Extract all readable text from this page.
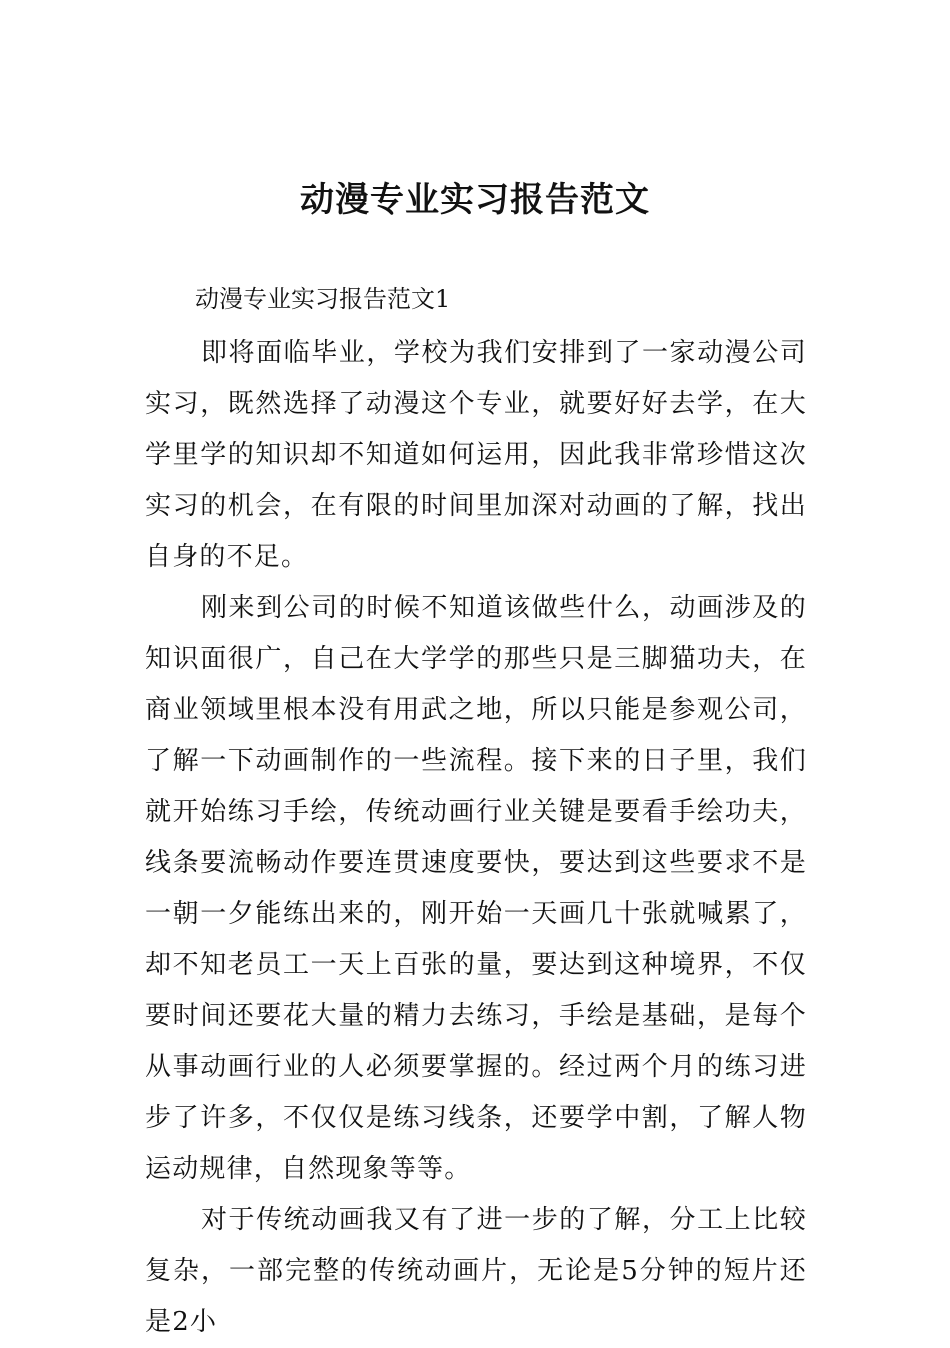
动漫专业实习报告范文

动漫专业实习报告范文1

即将面临毕业，学校为我们安排到了一家动漫公司实习，既然选择了动漫这个专业，就要好好去学，在大学里学的知识却不知道如何运用，因此我非常珍惜这次实习的机会，在有限的时间里加深对动画的了解，找出自身的不足。

刚来到公司的时候不知道该做些什么，动画涉及的知识面很广，自己在大学学的那些只是三脚猫功夫，在商业领域里根本没有用武之地，所以只能是参观公司，了解一下动画制作的一些流程。接下来的日子里，我们就开始练习手绘，传统动画行业关键是要看手绘功夫，线条要流畅动作要连贯速度要快，要达到这些要求不是一朝一夕能练出来的，刚开始一天画几十张就喊累了，却不知老员工一天上百张的量，要达到这种境界，不仅要时间还要花大量的精力去练习，手绘是基础，是每个从事动画行业的人必须要掌握的。经过两个月的练习进步了许多，不仅仅是练习线条，还要学中割，了解人物运动规律，自然现象等等。

对于传统动画我又有了进一步的了解，分工上比较复杂，一部完整的传统动画片，无论是5分钟的短片还是2小
